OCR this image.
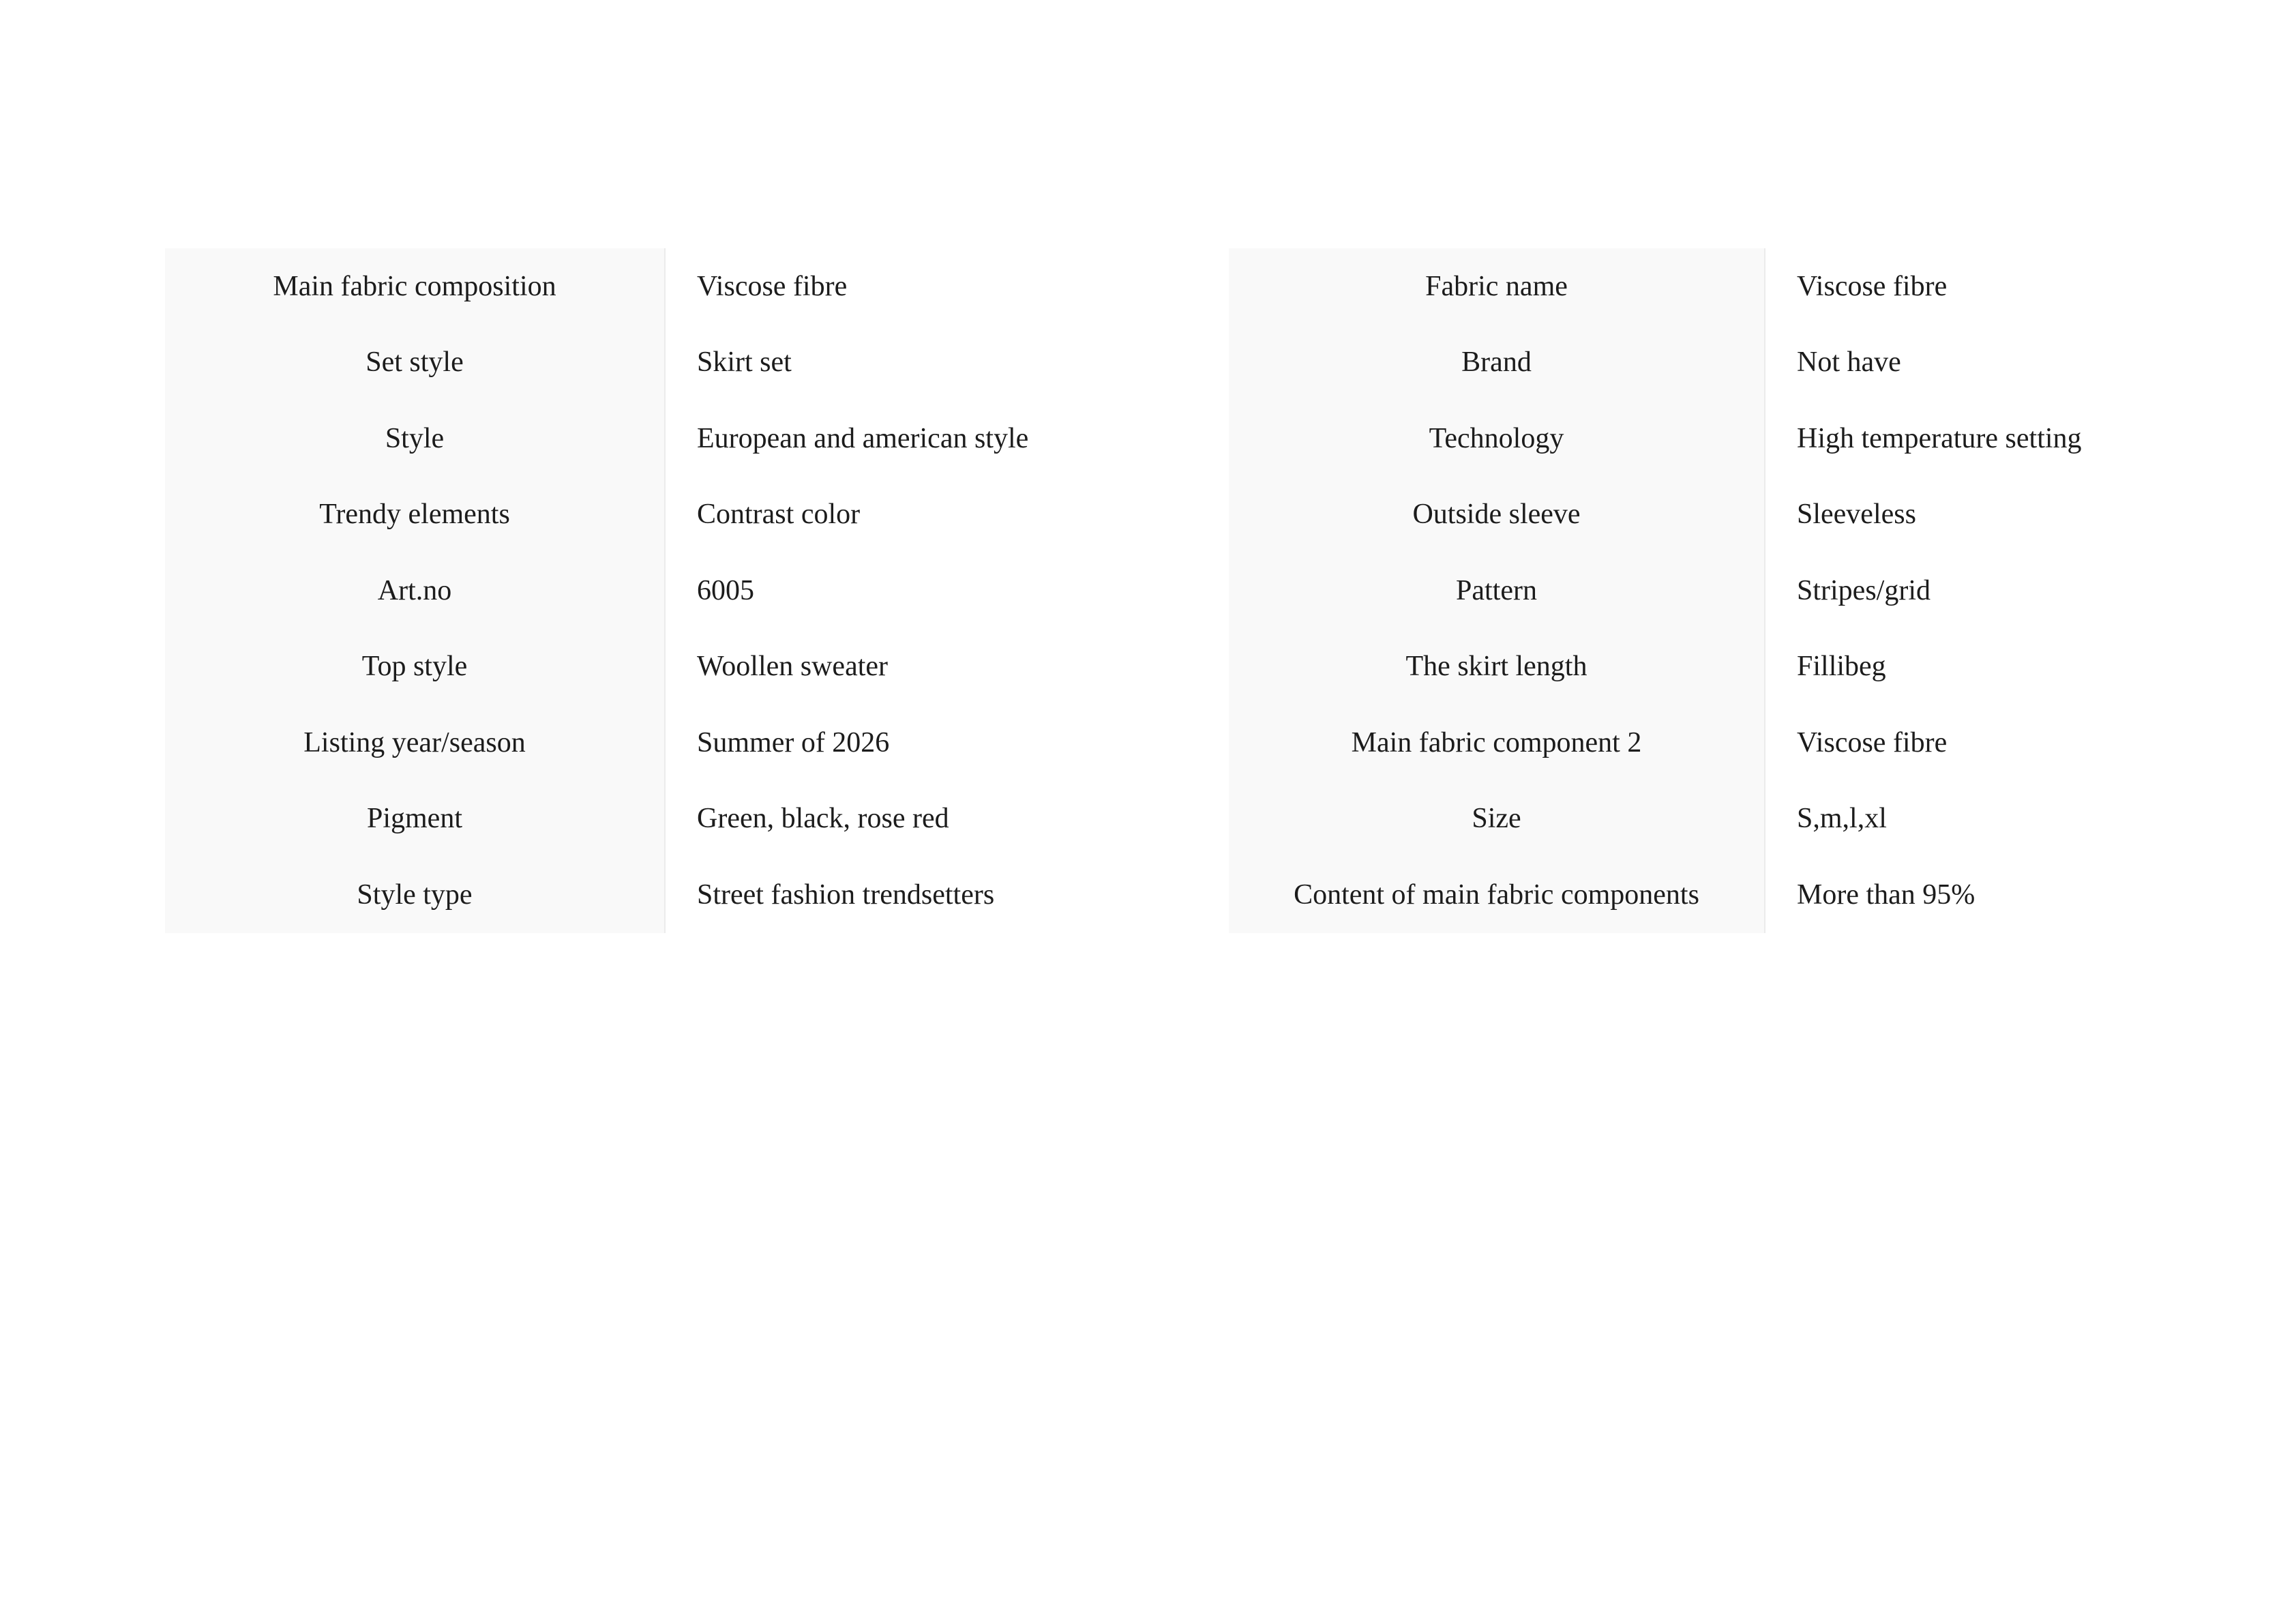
Main fabric composition	Viscose fibre	Fabric name	Viscose fibre
Set style	Skirt set	Brand	Not have
Style	European and american style	Technology	High temperature setting
Trendy elements	Contrast color	Outside sleeve	Sleeveless
Art.no	6005	Pattern	Stripes/grid
Top style	Woollen sweater	The skirt length	Fillibeg
Listing year/season	Summer of 2026	Main fabric component 2	Viscose fibre
Pigment	Green, black, rose red	Size	S,m,l,xl
Style type	Street fashion trendsetters	Content of main fabric components	More than 95%
